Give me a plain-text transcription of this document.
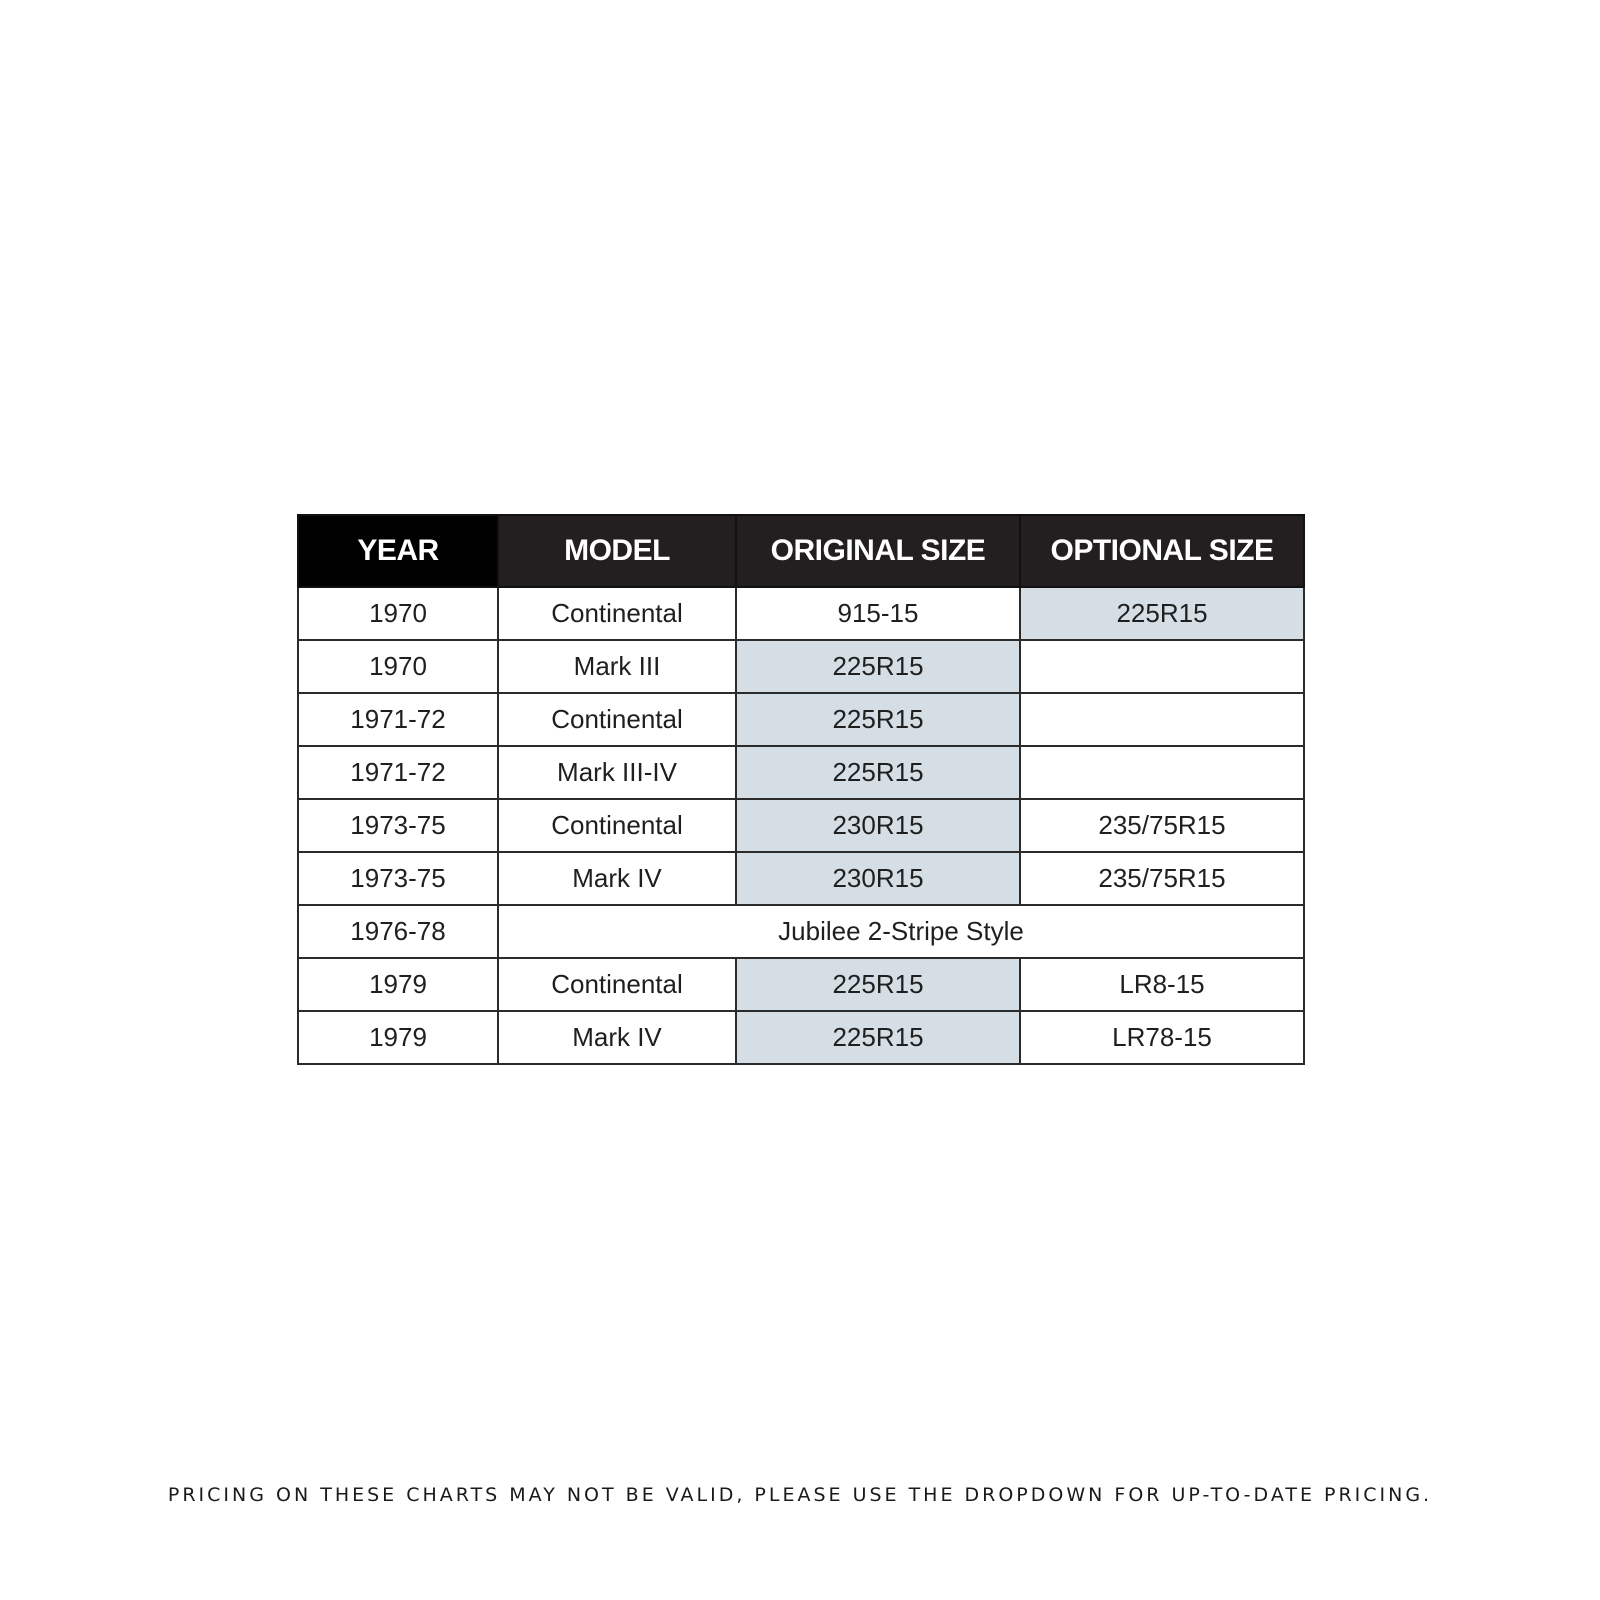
YEAR	MODEL	ORIGINAL SIZE	OPTIONAL SIZE
1970	Continental	915-15	225R15
1970	Mark III	225R15	
1971-72	Continental	225R15	
1971-72	Mark III-IV	225R15	
1973-75	Continental	230R15	235/75R15
1973-75	Mark IV	230R15	235/75R15
1976-78	Jubilee 2-Stripe Style		
1979	Continental	225R15	LR8-15
1979	Mark IV	225R15	LR78-15
PRICING ON THESE CHARTS MAY NOT BE VALID, PLEASE USE THE DROPDOWN FOR UP-TO-DATE PRICING.
